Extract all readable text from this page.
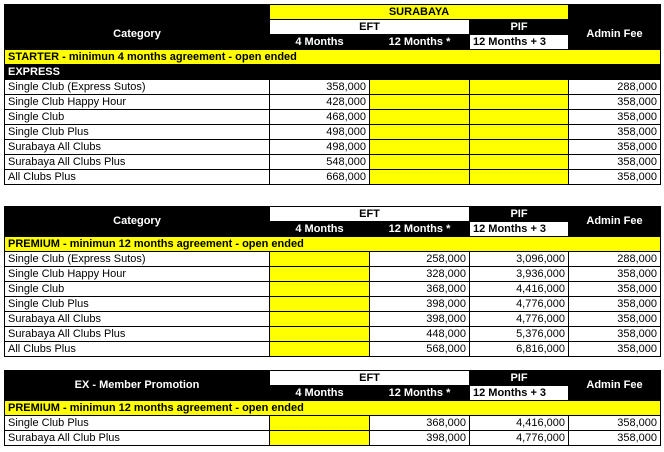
	SURABAYA			
Category	EFT		PIF	Admin Fee
	4 Months	12 Months *	12 Months + 3	
STARTER - minimun 4 months agreement - open ended				
EXPRESS				
Single Club (Express Sutos)	358,000			288,000
Single Club Happy Hour	428,000			358,000
Single Club	468,000			358,000
Single Club Plus	498,000			358,000
Surabaya All Clubs	498,000			358,000
Surabaya All Clubs Plus	548,000			358,000
All Clubs Plus	668,000			358,000
Category	EFT		PIF	Admin Fee
	4 Months	12 Months *	12 Months + 3	
PREMIUM - minimun 12 months agreement - open ended				
Single Club (Express Sutos)		258,000	3,096,000	288,000
Single Club Happy Hour		328,000	3,936,000	358,000
Single Club		368,000	4,416,000	358,000
Single Club Plus		398,000	4,776,000	358,000
Surabaya All Clubs		398,000	4,776,000	358,000
Surabaya All Clubs Plus		448,000	5,376,000	358,000
All Clubs Plus		568,000	6,816,000	358,000
EX - Member Promotion	EFT		PIF	Admin Fee
	4 Months	12 Months *	12 Months + 3	
PREMIUM - minimun 12 months agreement - open ended				
Single Club Plus		368,000	4,416,000	358,000
Surabaya All Club Plus		398,000	4,776,000	358,000
